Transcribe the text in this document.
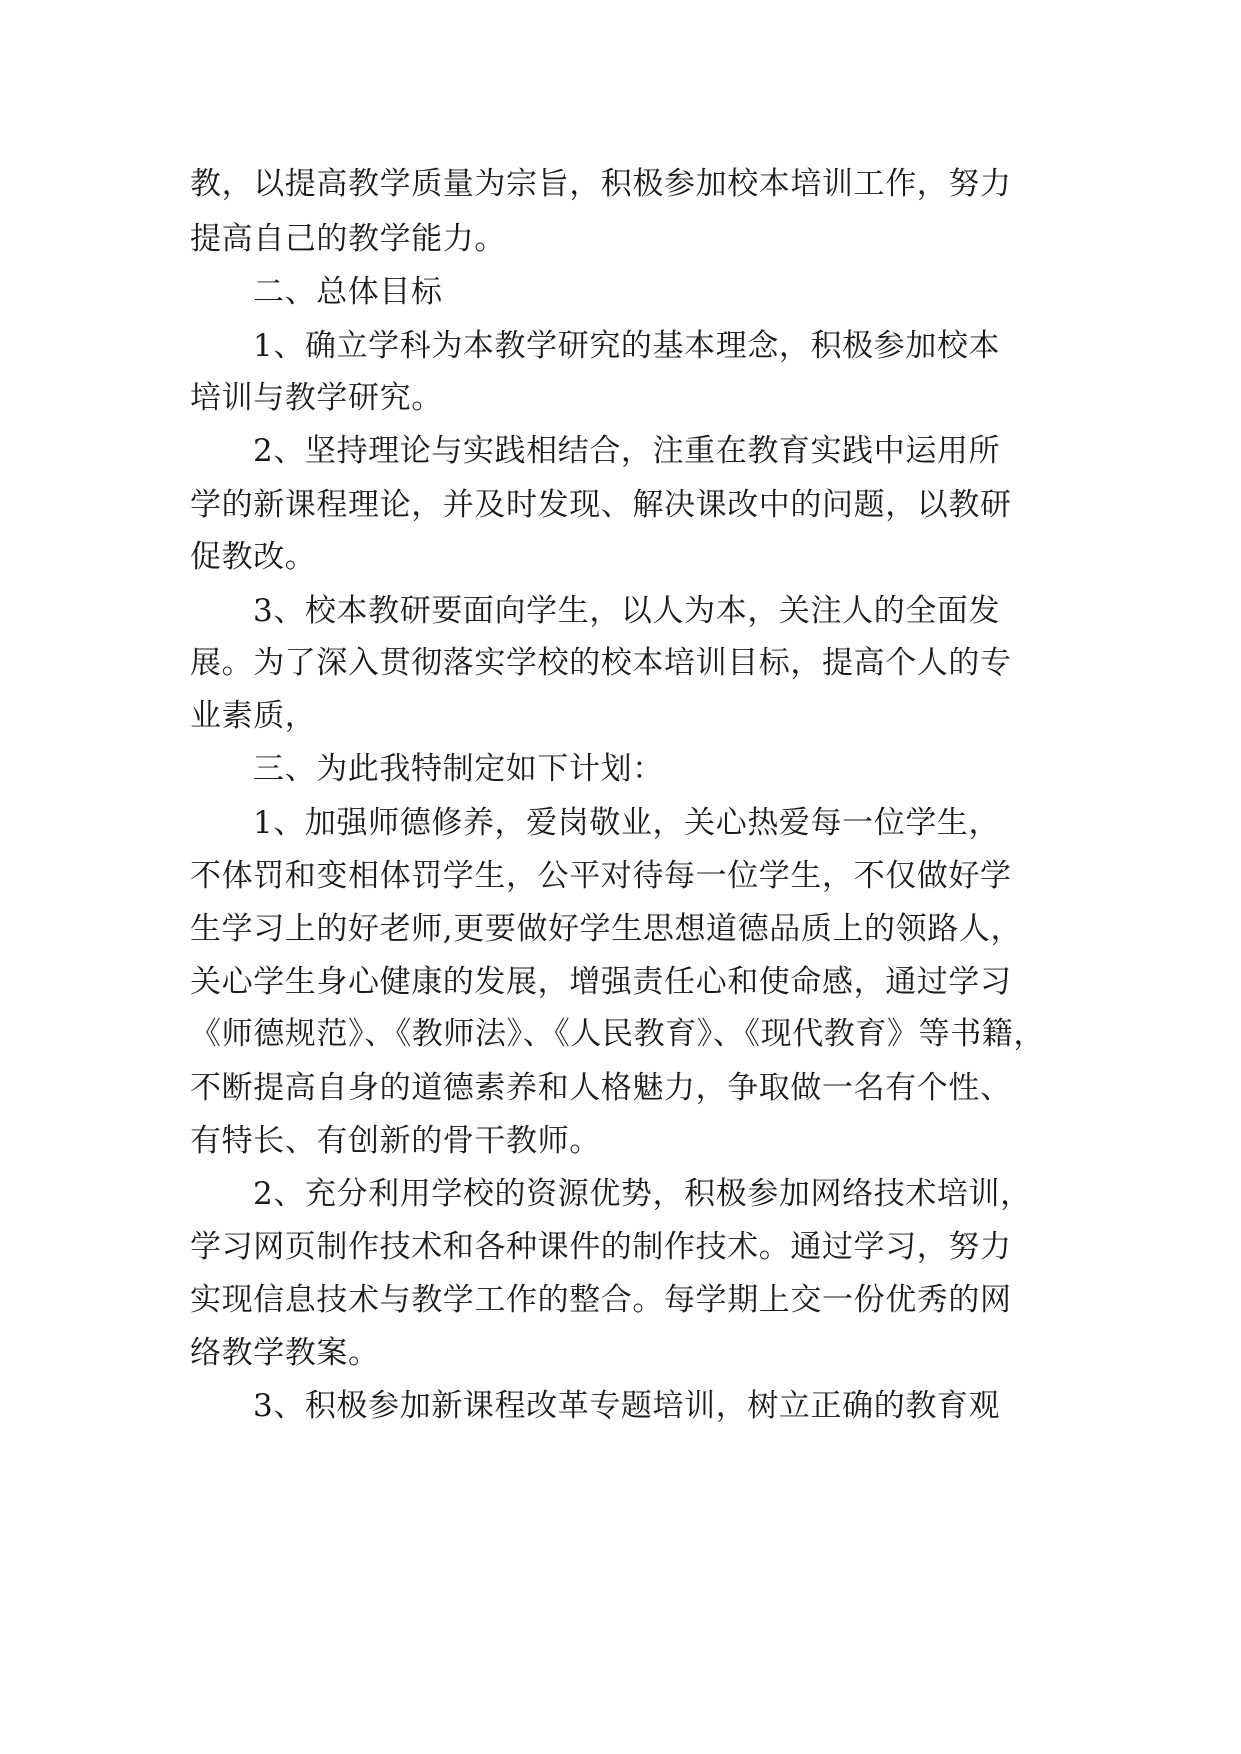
教，以提高教学质量为宗旨，积极参加校本培训工作，努力
提高自己的教学能力。
二、总体目标
1、确立学科为本教学研究的基本理念，积极参加校本
培训与教学研究。
2、坚持理论与实践相结合，注重在教育实践中运用所
学的新课程理论，并及时发现、解决课改中的问题，以教研
促教改。
3、校本教研要面向学生，以人为本，关注人的全面发
展。为了深入贯彻落实学校的校本培训目标，提高个人的专
业素质，
三、为此我特制定如下计划：
1、加强师德修养，爱岗敬业，关心热爱每一位学生，
不体罚和变相体罚学生，公平对待每一位学生，不仅做好学
生学习上的好老师,更要做好学生思想道德品质上的领路人，
关心学生身心健康的发展，增强责任心和使命感，通过学习
《师德规范》、《教师法》、《人民教育》、《现代教育》等书籍，
不断提高自身的道德素养和人格魅力，争取做一名有个性、
有特长、有创新的骨干教师。
2、充分利用学校的资源优势，积极参加网络技术培训，
学习网页制作技术和各种课件的制作技术。通过学习，努力
实现信息技术与教学工作的整合。每学期上交一份优秀的网
络教学教案。
3、积极参加新课程改革专题培训，树立正确的教育观
